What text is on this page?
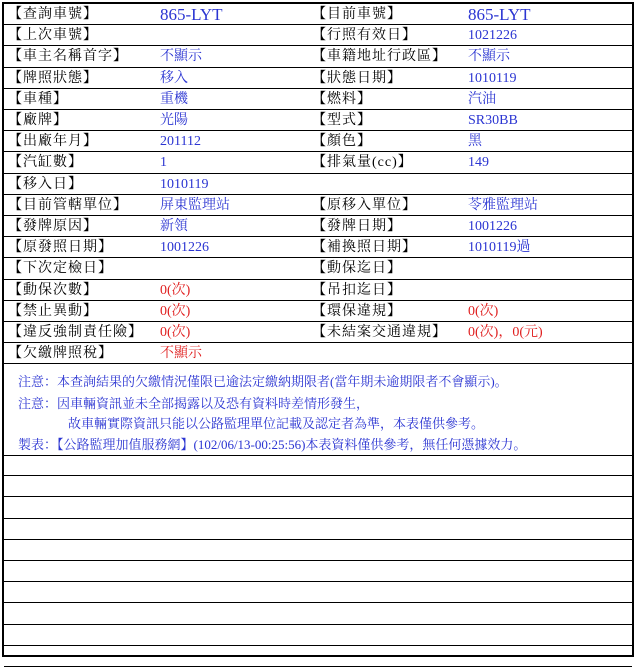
【查詢車號】	865-LYT	【目前車號】	865-LYT
【上次車號】	【行照有效日】	1021226
【車主名稱首字】 不顯示	【車籍地址行政區】 不顯示
【牌照狀態】	移入	【狀態日期】	1010119
【車種】	重機	【燃料】	汽油
【廠牌】	光陽	【型式】	SR30BB
【出廠年月】	201112	【顏色】	黑
【汽缸數】	1	【排氣量(cc)】	149
【移入日】	1010119
【目前管轄單位】 屏東監理站	【原移入單位】	苓雅監理站
【發牌原因】	新領	【發牌日期】	1001226
【原發照日期】	1001226	【補換照日期】	1010119過
【下次定檢日】	【動保迄日】
【動保次數】	0(次)	【吊扣迄日】
【禁止異動】	0(次)	【環保違規】	0(次)
【違反強制責任險】 0(次)	【未結案交通違規】 0(次)，0(元)
【欠繳牌照稅】	不顯示
注意：本查詢結果的欠繳情況僅限已逾法定繳納期限者(當年期未逾期限者不會顯示)。
注意：因車輛資訊並未全部揭露以及恐有資料時差情形發生，
故車輛實際資訊只能以公路監理單位記載及認定者為準，本表僅供參考。
製表：【公路監理加值服務網】(102/06/13-00:25:56)本表資料僅供參考，無任何憑據效力。
